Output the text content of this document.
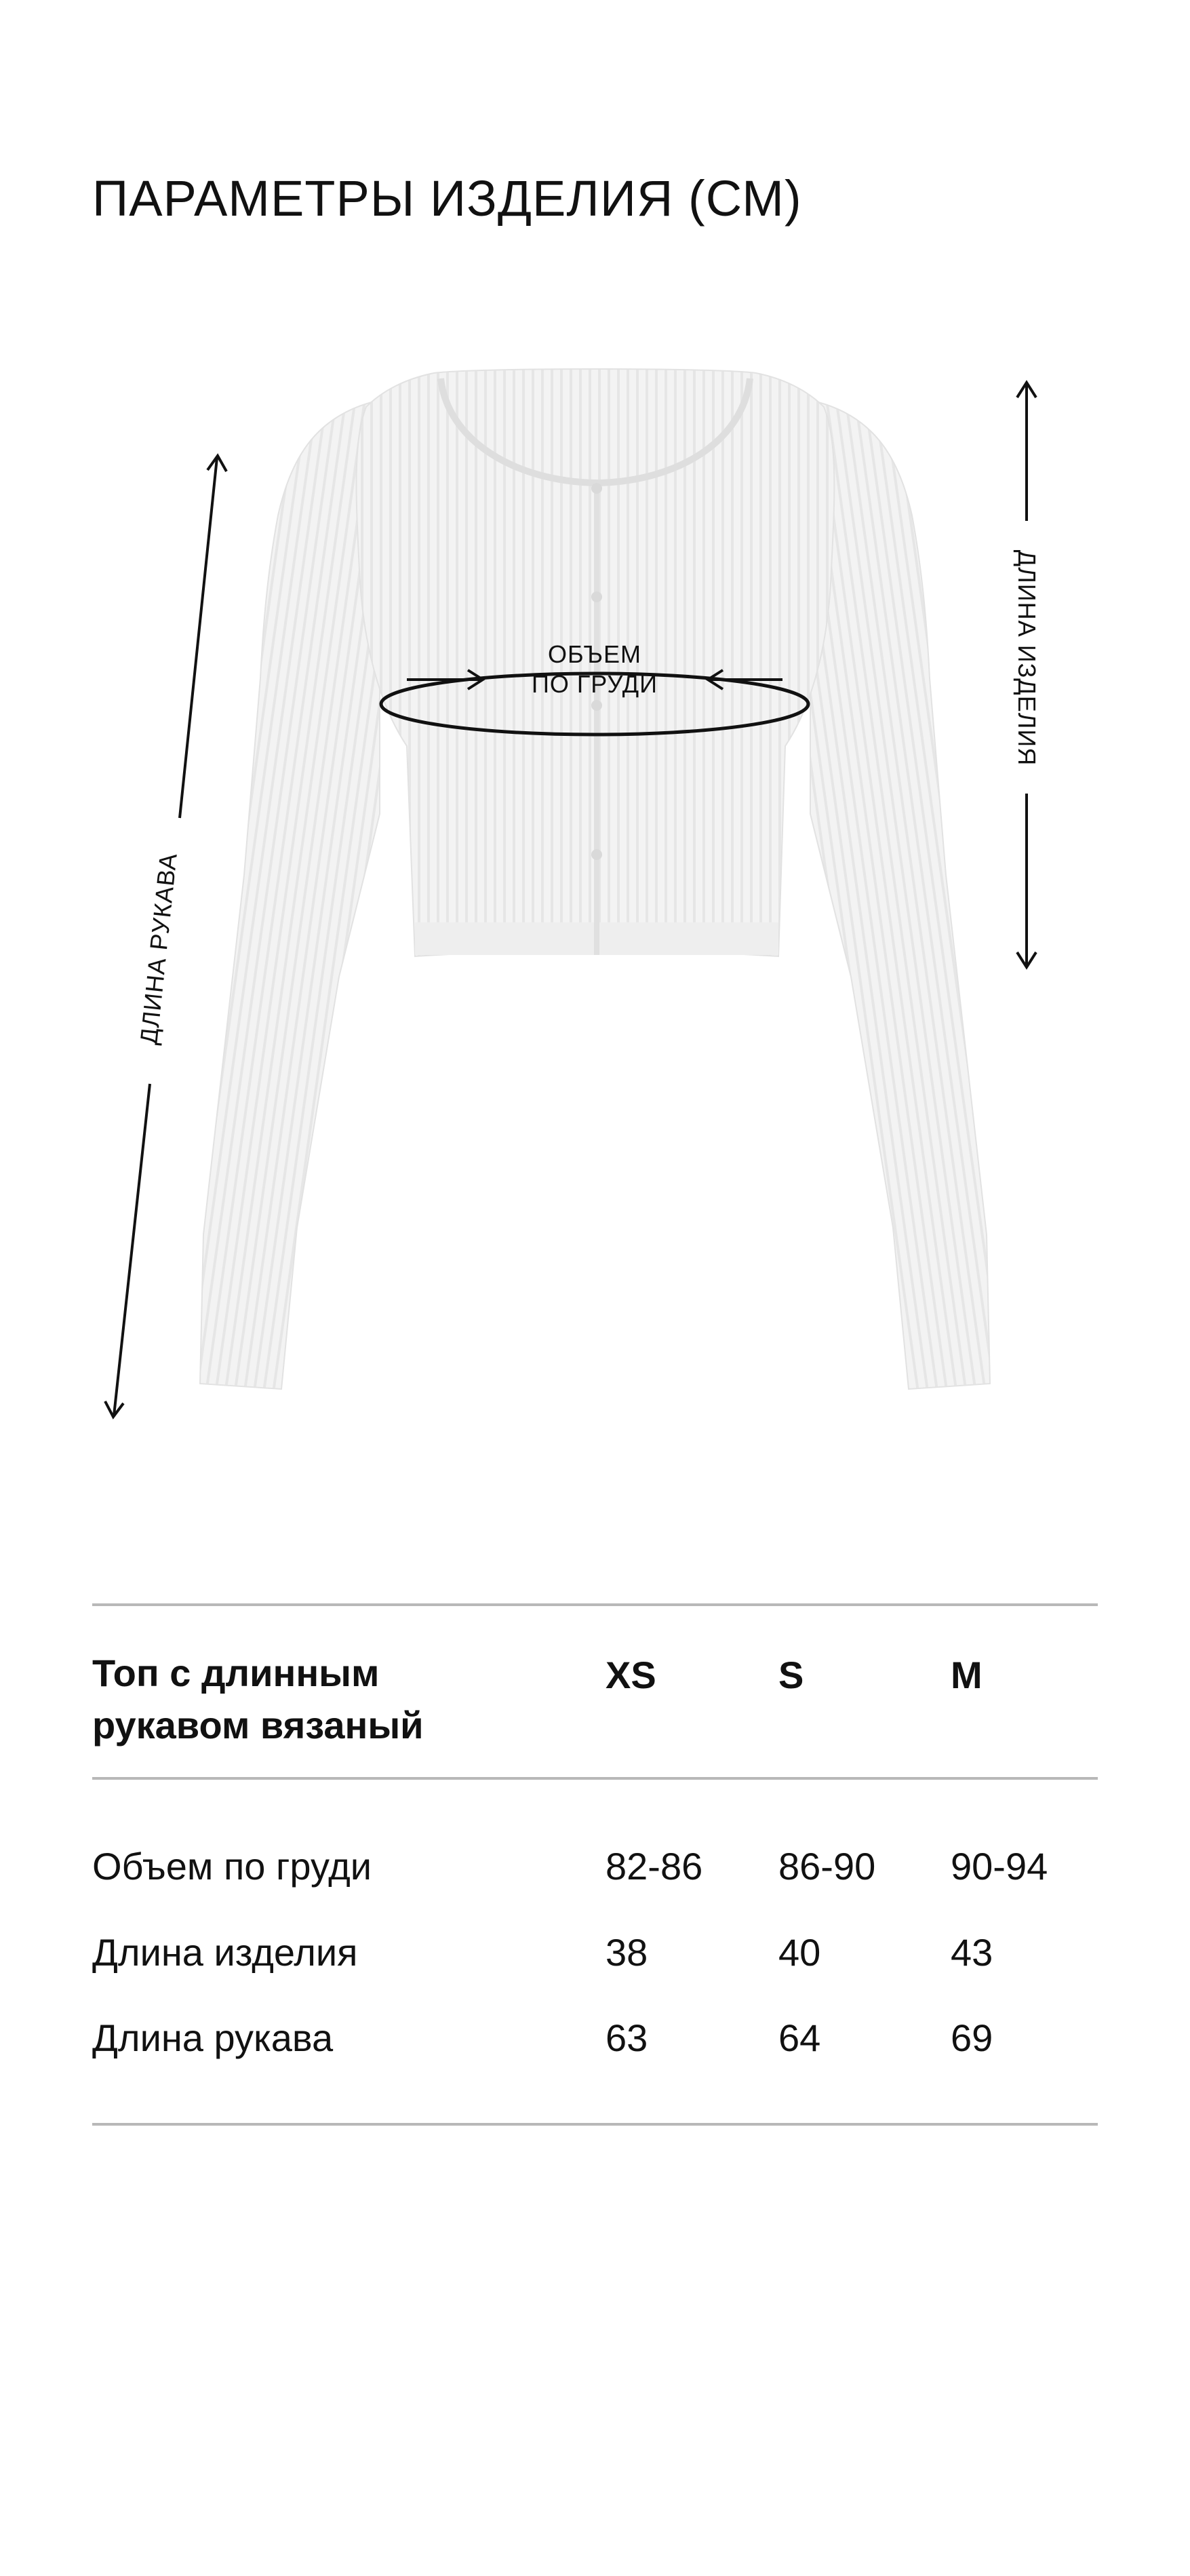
ПАРАМЕТРЫ ИЗДЕЛИЯ (СМ)
ОБЪЕМ
ПО ГРУДИ	ДЛИНА ИЗДЕЛИЯ
ДЛИНА РУКАВА
Топ с длинным
рукавом вязаный
XS	S	M
Объем по груди	82-86 86-90 90-94
Длина изделия	38	40	43
Длина рукава	63	64	69
